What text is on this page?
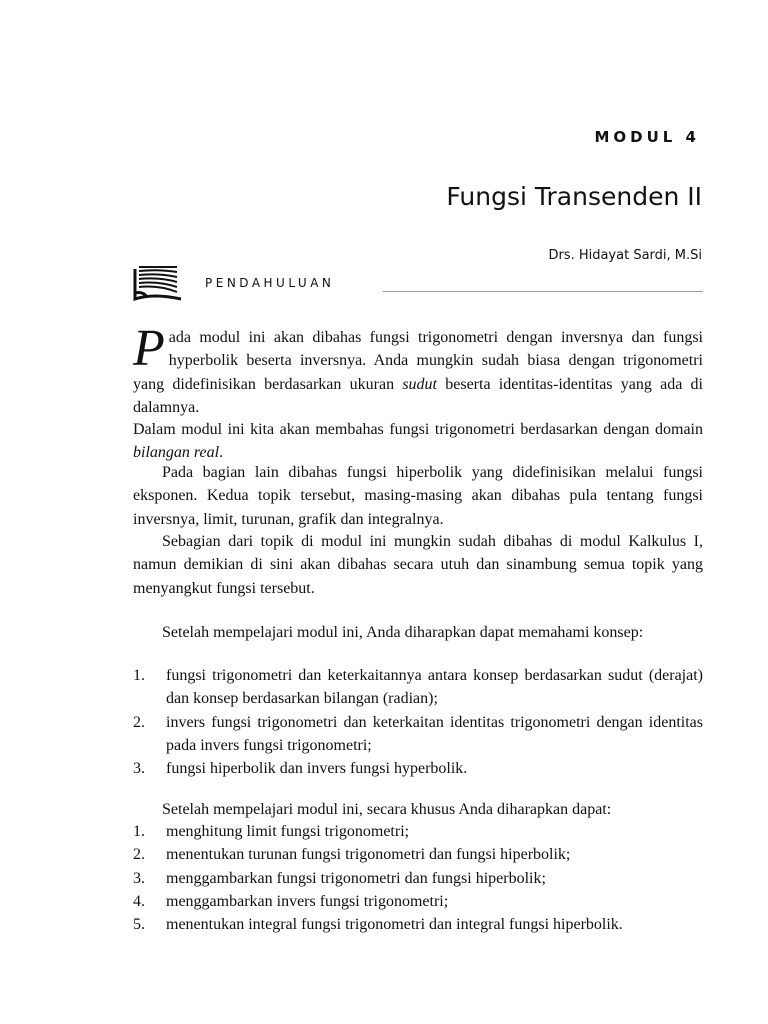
MODUL 4
Fungsi Transenden II
Drs. Hidayat Sardi, M.Si
PENDAHULUAN

Pada modul ini akan dibahas fungsi trigonometri dengan inversnya dan fungsi hyperbolik beserta inversnya. Anda mungkin sudah biasa dengan trigonometri yang didefinisikan berdasarkan ukuran sudut beserta identitas-identitas yang ada di dalamnya.

Dalam modul ini kita akan membahas fungsi trigonometri berdasarkan dengan domain bilangan real.

Pada bagian lain dibahas fungsi hiperbolik yang didefinisikan melalui fungsi eksponen. Kedua topik tersebut, masing-masing akan dibahas pula tentang fungsi inversnya, limit, turunan, grafik dan integralnya.

Sebagian dari topik di modul ini mungkin sudah dibahas di modul Kalkulus I, namun demikian di sini akan dibahas secara utuh dan sinambung semua topik yang menyangkut fungsi tersebut.

Setelah mempelajari modul ini, Anda diharapkan dapat memahami konsep:

1. fungsi trigonometri dan keterkaitannya antara konsep berdasarkan sudut (derajat) dan konsep berdasarkan bilangan (radian);
2. invers fungsi trigonometri dan keterkaitan identitas trigonometri dengan identitas pada invers fungsi trigonometri;
3. fungsi hiperbolik dan invers fungsi hyperbolik.

Setelah mempelajari modul ini, secara khusus Anda diharapkan dapat:

1. menghitung limit fungsi trigonometri;
2. menentukan turunan fungsi trigonometri dan fungsi hiperbolik;
3. menggambarkan fungsi trigonometri dan fungsi hiperbolik;
4. menggambarkan invers fungsi trigonometri;
5. menentukan integral fungsi trigonometri dan integral fungsi hiperbolik.
